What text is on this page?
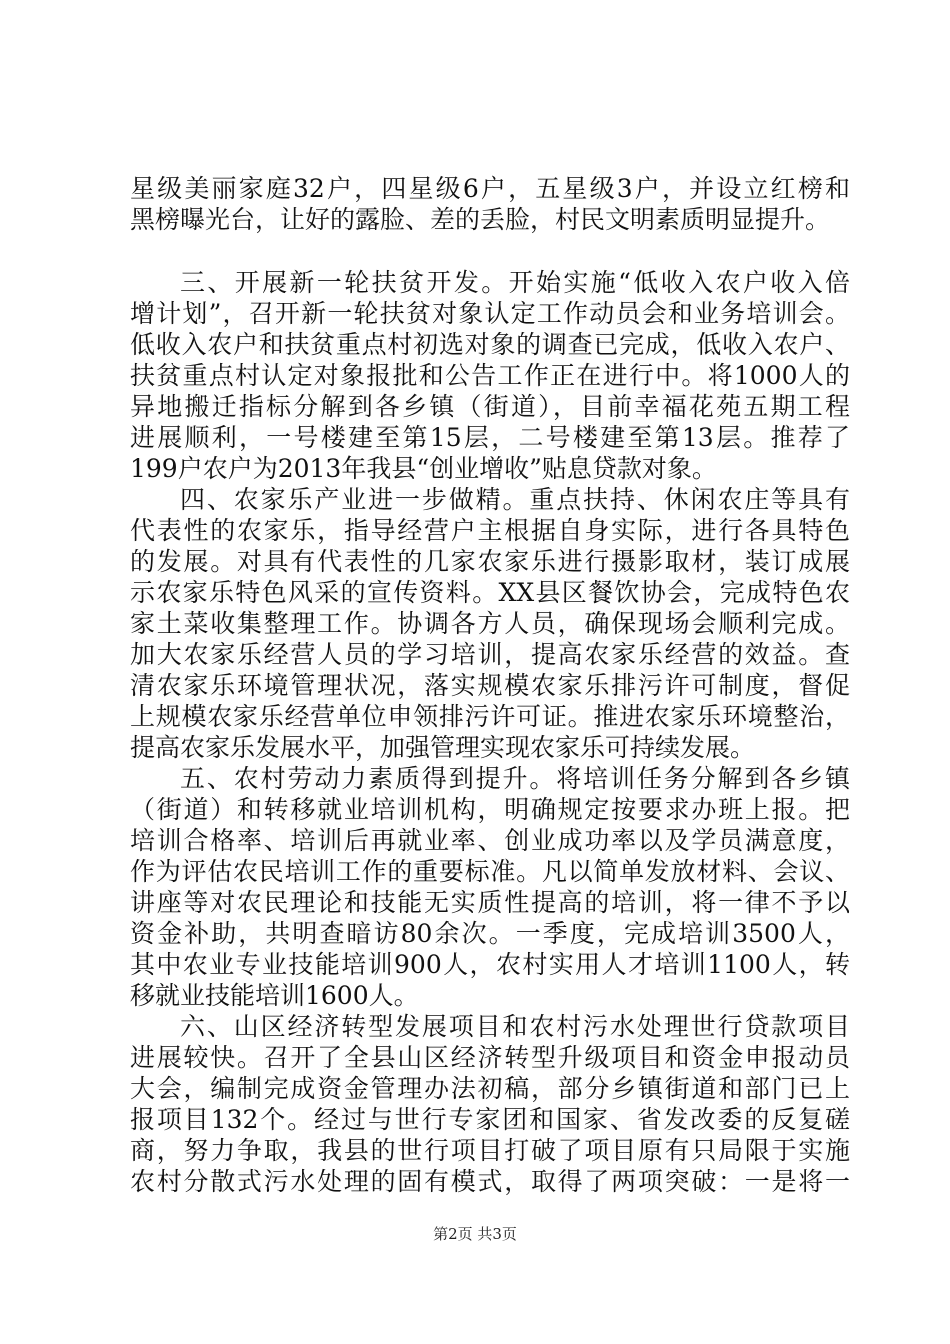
星级美丽家庭32户，四星级6户，五星级3户，并设立红榜和
黑榜曝光台，让好的露脸、差的丢脸，村民文明素质明显提升。
三、开展新一轮扶贫开发。开始实施“低收入农户收入倍
增计划”，召开新一轮扶贫对象认定工作动员会和业务培训会。
低收入农户和扶贫重点村初选对象的调查已完成，低收入农户、
扶贫重点村认定对象报批和公告工作正在进行中。将1000人的
异地搬迁指标分解到各乡镇（街道），目前幸福花苑五期工程
进展顺利，一号楼建至第15层，二号楼建至第13层。推荐了
199户农户为2013年我县“创业增收”贴息贷款对象。
四、农家乐产业进一步做精。重点扶持、休闲农庄等具有
代表性的农家乐，指导经营户主根据自身实际，进行各具特色
的发展。对具有代表性的几家农家乐进行摄影取材，装订成展
示农家乐特色风采的宣传资料。XX县区餐饮协会，完成特色农
家土菜收集整理工作。协调各方人员，确保现场会顺利完成。
加大农家乐经营人员的学习培训，提高农家乐经营的效益。查
清农家乐环境管理状况，落实规模农家乐排污许可制度，督促
上规模农家乐经营单位申领排污许可证。推进农家乐环境整治，
提高农家乐发展水平，加强管理实现农家乐可持续发展。
五、农村劳动力素质得到提升。将培训任务分解到各乡镇
（街道）和转移就业培训机构，明确规定按要求办班上报。把
培训合格率、培训后再就业率、创业成功率以及学员满意度，
作为评估农民培训工作的重要标准。凡以简单发放材料、会议、
讲座等对农民理论和技能无实质性提高的培训，将一律不予以
资金补助，共明查暗访80余次。一季度，完成培训3500人，
其中农业专业技能培训900人，农村实用人才培训1100人，转
移就业技能培训1600人。
六、山区经济转型发展项目和农村污水处理世行贷款项目
进展较快。召开了全县山区经济转型升级项目和资金申报动员
大会，编制完成资金管理办法初稿，部分乡镇街道和部门已上
报项目132个。经过与世行专家团和国家、省发改委的反复磋
商，努力争取，我县的世行项目打破了项目原有只局限于实施
农村分散式污水处理的固有模式，取得了两项突破：一是将一
第2页 共3页
